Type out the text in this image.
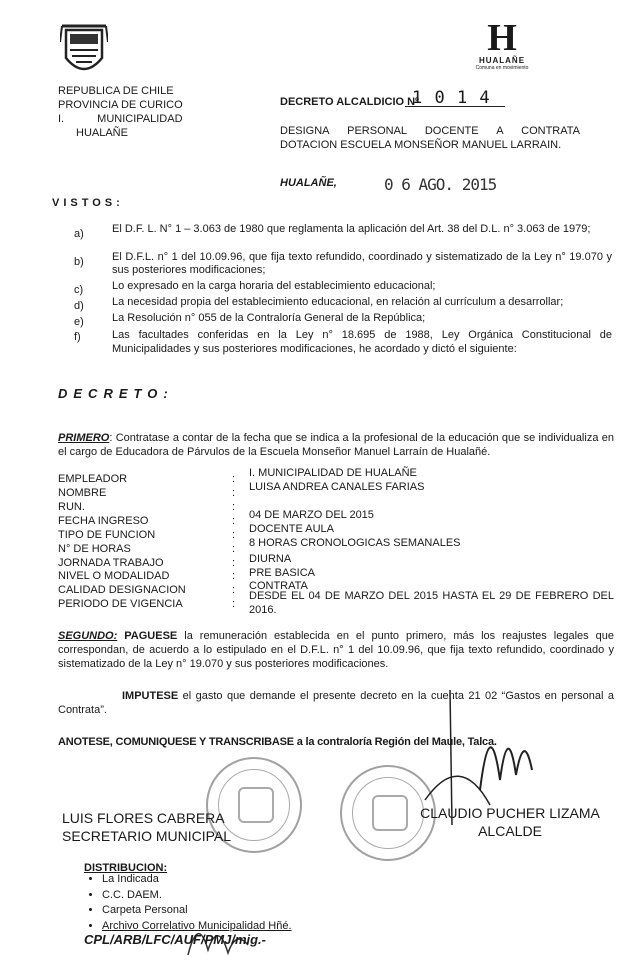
REPUBLICA DE CHILE
PROVINCIA DE CURICO
I. MUNICIPALIDAD
HUALAÑE
H
HUALAÑE
Comuna en movimiento
DECRETO ALCALDICIO Nº
1 0 1 4
DESIGNA PERSONAL DOCENTE A CONTRATA
DOTACION ESCUELA MONSEÑOR MANUEL LARRAIN.
HUALAÑE,	0 6 AGO. 2015
VISTOS:
a)	El D.F. L. N° 1 – 3.063 de 1980 que reglamenta la aplicación del Art. 38 del D.L. n° 3.063 de 1979;
b)	El D.F.L. n° 1 del 10.09.96, que fija texto refundido, coordinado y sistematizado de la Ley n° 19.070 y sus posteriores modificaciones;
c)	Lo expresado en la carga horaria del establecimiento educacional;
d)	La necesidad propia del establecimiento educacional, en relación al currículum a desarrollar;
e)	La Resolución n° 055 de la Contraloría General de la República;
f)	Las facultades conferidas en la Ley n° 18.695 de 1988, Ley Orgánica Constitucional de Municipalidades y sus posteriores modificaciones, he acordado y dictó el siguiente:
DECRETO:
PRIMERO: Contratase a contar de la fecha que se indica a la profesional de la educación que se individualiza en el cargo de Educadora de Párvulos de la Escuela Monseñor Manuel Larraín de Hualañé.
EMPLEADOR	: I. MUNICIPALIDAD DE HUALAÑE
NOMBRE	: LUISA ANDREA CANALES FARIAS
RUN.	:
FECHA INGRESO	: 04 DE MARZO DEL 2015
TIPO DE FUNCION	: DOCENTE AULA
N° DE HORAS	: 8 HORAS CRONOLOGICAS SEMANALES
JORNADA TRABAJO	: DIURNA
NIVEL O MODALIDAD	: PRE BASICA
CALIDAD DESIGNACION	: CONTRATA
PERIODO DE VIGENCIA	:
DESDE EL 04 DE MARZO DEL 2015 HASTA EL 29 DE FEBRERO DEL 2016.
SEGUNDO: PAGUESE la remuneración establecida en el punto primero, más los reajustes legales que correspondan, de acuerdo a lo estipulado en el D.F.L. n° 1 del 10.09.96, que fija texto refundido, coordinado y sistematizado de la Ley n° 19.070 y sus posteriores modificaciones.
IMPUTESE el gasto que demande el presente decreto en la cuenta 21 02 “Gastos en personal a Contrata”.
ANOTESE, COMUNIQUESE Y TRANSCRIBASE a la contraloría Región del Maule, Talca.
LUIS FLORES CABRERA
SECRETARIO MUNICIPAL
CLAUDIO PUCHER LIZAMA
ALCALDE
DISTRIBUCION:
• La Indicada
• C.C. DAEM.
• Carpeta Personal
• Archivo Correlativo Municipalidad Hñé.
CPL/ARB/LFC/AUF/PMJ/mig.-
